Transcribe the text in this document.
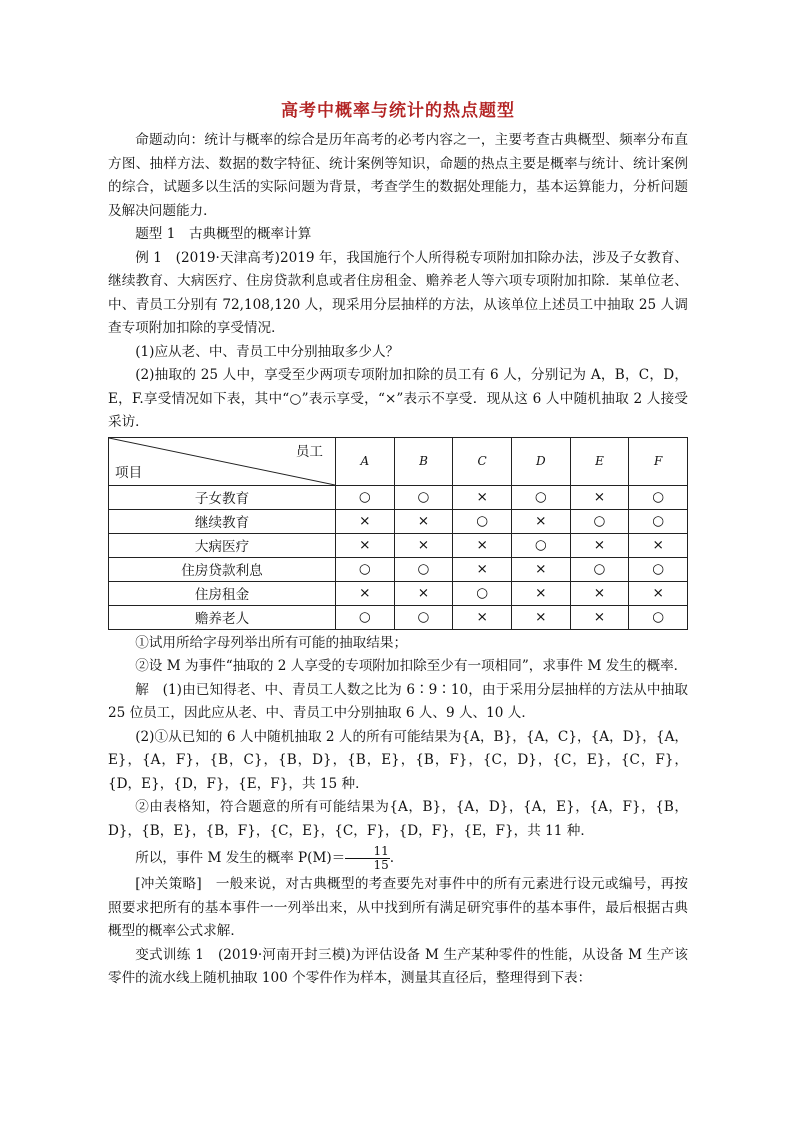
高考中概率与统计的热点题型

命题动向：统计与概率的综合是历年高考的必考内容之一，主要考查古典概型、频率分布直方图、抽样方法、数据的数字特征、统计案例等知识，命题的热点主要是概率与统计、统计案例的综合，试题多以生活的实际问题为背景，考查学生的数据处理能力，基本运算能力，分析问题及解决问题能力．

题型 1　古典概型的概率计算

例 1　(2019·天津高考)2019 年，我国施行个人所得税专项附加扣除办法，涉及子女教育、继续教育、大病医疗、住房贷款利息或者住房租金、赡养老人等六项专项附加扣除．某单位老、中、青员工分别有 72,108,120 人，现采用分层抽样的方法，从该单位上述员工中抽取 25 人调查专项附加扣除的享受情况．

(1)应从老、中、青员工中分别抽取多少人？

(2)抽取的 25 人中，享受至少两项专项附加扣除的员工有 6 人，分别记为 A，B，C，D，E，F.享受情况如下表，其中“○”表示享受，“×”表示不享受．现从这 6 人中随机抽取 2 人接受采访．

员工
项目	A	B	C	D	E	F
子女教育	○	○	×	○	×	○
继续教育	×	×	○	×	○	○
大病医疗	×	×	×	○	×	×
住房贷款利息	○	○	×	×	○	○
住房租金	×	×	○	×	×	×
赡养老人	○	○	×	×	×	○

①试用所给字母列举出所有可能的抽取结果；

②设 M 为事件“抽取的 2 人享受的专项附加扣除至少有一项相同”，求事件 M 发生的概率．

解　(1)由已知得老、中、青员工人数之比为 6∶9∶10，由于采用分层抽样的方法从中抽取 25 位员工，因此应从老、中、青员工中分别抽取 6 人、9 人、10 人．

(2)①从已知的 6 人中随机抽取 2 人的所有可能结果为{A，B}，{A，C}，{A，D}，{A，E}，{A，F}，{B，C}，{B，D}，{B，E}，{B，F}，{C，D}，{C，E}，{C，F}，{D，E}，{D，F}，{E，F}，共 15 种．

②由表格知，符合题意的所有可能结果为{A，B}，{A，D}，{A，E}，{A，F}，{B，D}，{B，E}，{B，F}，{C，E}，{C，F}，{D，F}，{E，F}，共 11 种．

所以，事件 M 发生的概率 $P(M)= \frac{11}{15}$ .

[冲关策略]　一般来说，对古典概型的考查要先对事件中的所有元素进行设元或编号，再按照要求把所有的基本事件一一列举出来，从中找到所有满足研究事件的基本事件，最后根据古典概型的概率公式求解．

变式训练 1　(2019·河南开封三模)为评估设备 M 生产某种零件的性能，从设备 M 生产该零件的流水线上随机抽取 100 个零件作为样本，测量其直径后，整理得到下表：
